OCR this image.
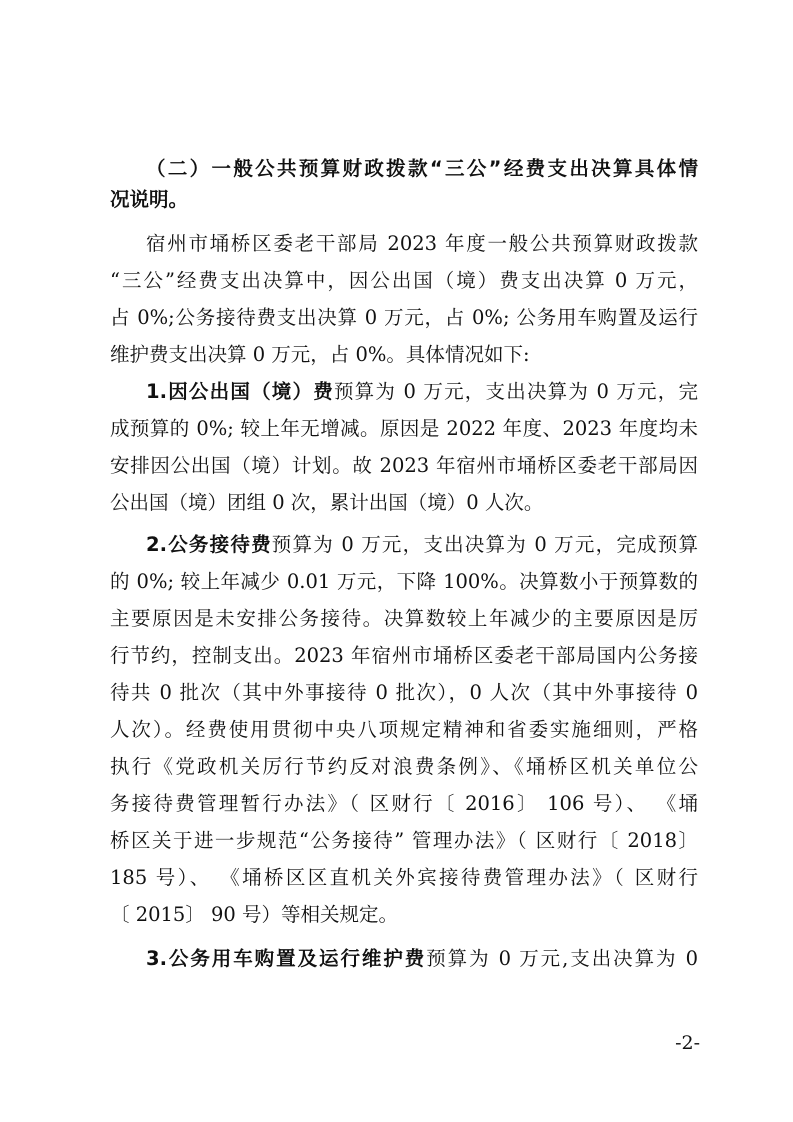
（二）一般公共预算财政拨款“三公”经费支出决算具体情
况说明。
宿州市埇桥区委老干部局 2023 年度一般公共预算财政拨款
“三公”经费支出决算中，因公出国（境）费支出决算 0 万元，
占 0%;公务接待费支出决算 0 万元，占 0%; 公务用车购置及运行
维护费支出决算 0 万元，占 0%。具体情况如下:
1.因公出国（境）费预算为 0 万元，支出决算为 0 万元，完
成预算的 0%; 较上年无增减。原因是 2022 年度、2023 年度均未
安排因公出国（境）计划。故 2023 年宿州市埇桥区委老干部局因
公出国（境）团组 0 次，累计出国（境）0 人次。
2.公务接待费预算为 0 万元，支出决算为 0 万元，完成预算
的 0%; 较上年减少 0.01 万元，下降 100%。决算数小于预算数的
主要原因是未安排公务接待。决算数较上年减少的主要原因是厉
行节约，控制支出。2023 年宿州市埇桥区委老干部局国内公务接
待共 0 批次（其中外事接待 0 批次），0 人次（其中外事接待 0
人次）。经费使用贯彻中央八项规定精神和省委实施细则，严格
执行《党政机关厉行节约反对浪费条例》、《埇桥区机关单位公
务接待费管理暂行办法》（ 区财行〔 2016〕 106 号）、 《埇
桥区关于进一步规范“公务接待” 管理办法》（ 区财行〔 2018〕
185 号）、 《埇桥区区直机关外宾接待费管理办法》（ 区财行
〔 2015〕 90 号）等相关规定。
3.公务用车购置及运行维护费预算为 0 万元,支出决算为 0
-2-
